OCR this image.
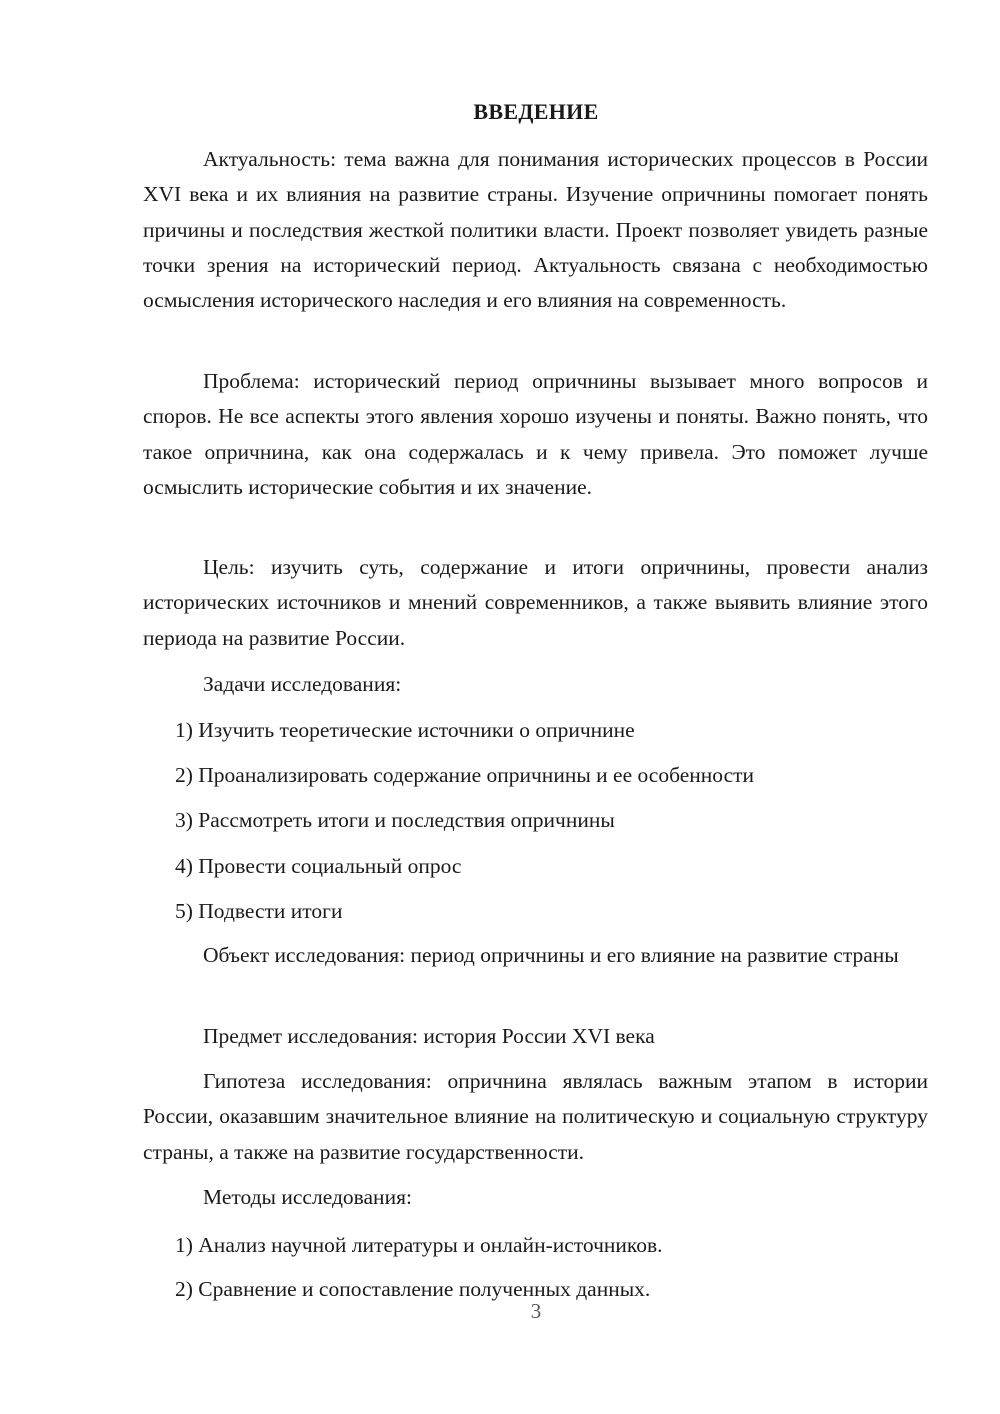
ВВЕДЕНИЕ

Актуальность: тема важна для понимания исторических процессов в России XVI века и их влияния на развитие страны. Изучение опричнины помогает понять причины и последствия жесткой политики власти. Проект позволяет увидеть разные точки зрения на исторический период. Актуальность связана с необходимостью осмысления исторического наследия и его влияния на современность.

Проблема: исторический период опричнины вызывает много вопросов и споров. Не все аспекты этого явления хорошо изучены и поняты. Важно понять, что такое опричнина, как она содержалась и к чему привела. Это поможет лучше осмыслить исторические события и их значение.

Цель: изучить суть, содержание и итоги опричнины, провести анализ исторических источников и мнений современников, а также выявить влияние этого периода на развитие России.

Задачи исследования:

1) Изучить теоретические источники о опричнине
2) Проанализировать содержание опричнины и ее особенности
3) Рассмотреть итоги и последствия опричнины
4) Провести социальный опрос
5) Подвести итоги

Объект исследования: период опричнины и его влияние на развитие страны

Предмет исследования: история России XVI века

Гипотеза исследования: опричнина являлась важным этапом в истории России, оказавшим значительное влияние на политическую и социальную структуру страны, а также на развитие государственности.

Методы исследования:

1) Анализ научной литературы и онлайн-источников.
2) Сравнение и сопоставление полученных данных.
3
